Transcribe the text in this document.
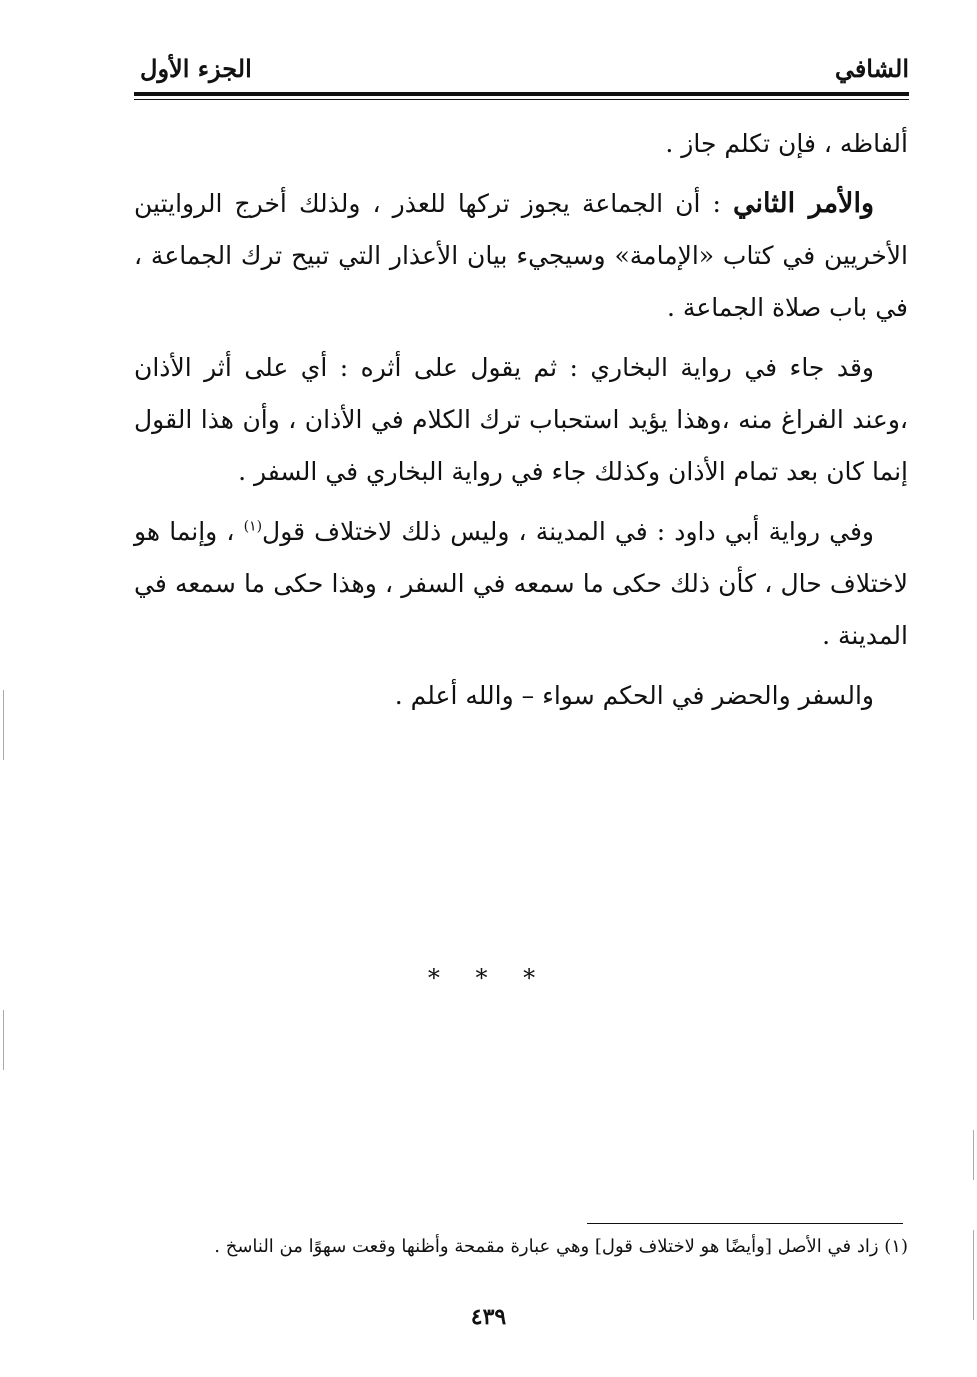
الشافي
الجزء الأول

ألفاظه ، فإن تكلم جاز .

والأمر الثاني : أن الجماعة يجوز تركها للعذر ، ولذلك أخرج الروايتين الأخريين في كتاب «الإمامة» وسيجيء بيان الأعذار التي تبيح ترك الجماعة ، في باب صلاة الجماعة .

وقد جاء في رواية البخاري : ثم يقول على أثره : أي على أثر الأذان ،وعند الفراغ منه ،وهذا يؤيد استحباب ترك الكلام في الأذان ، وأن هذا القول إنما كان بعد تمام الأذان وكذلك جاء في رواية البخاري في السفر .

وفي رواية أبي داود : في المدينة ، وليس ذلك لاختلاف قول$^{(١)}$ ، وإنما هو لاختلاف حال ، كأن ذلك حكى ما سمعه في السفر ، وهذا حكى ما سمعه في المدينة .

والسفر والحضر في الحكم سواء – والله أعلم .

* * *
(١) زاد في الأصل [وأيضًا هو لاختلاف قول] وهي عبارة مقمحة وأظنها وقعت سهوًا من الناسخ .
٤٣٩
